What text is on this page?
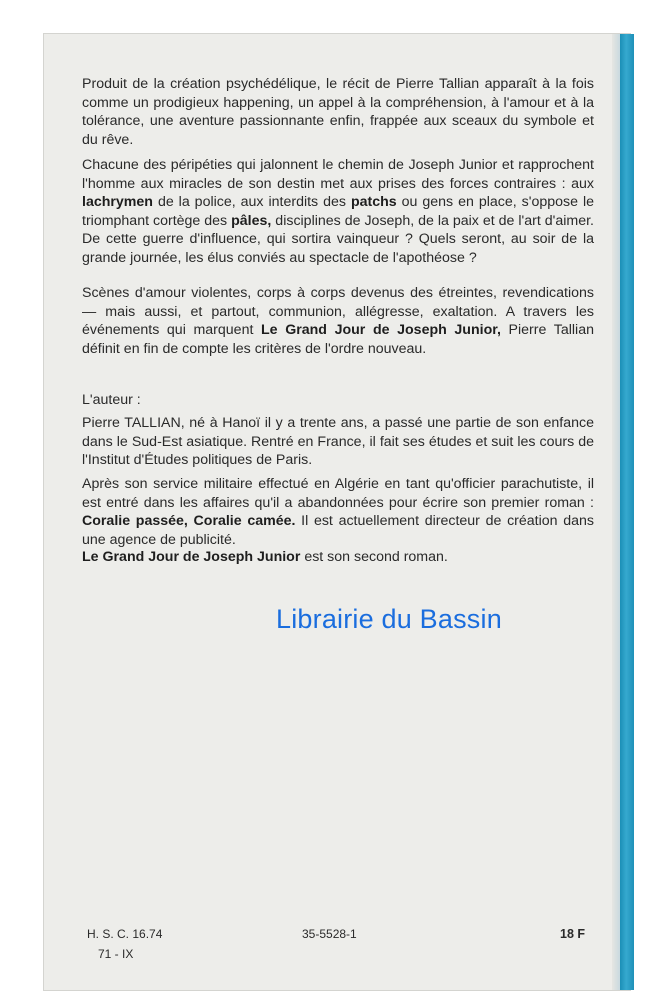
Produit de la création psychédélique, le récit de Pierre Tallian apparaît à la fois comme un prodigieux happening, un appel à la compréhension, à l'amour et à la tolérance, une aventure passionnante enfin, frappée aux sceaux du symbole et du rêve.

Chacune des péripéties qui jalonnent le chemin de Joseph Junior et rapprochent l'homme aux miracles de son destin met aux prises des forces contraires : aux lachrymen de la police, aux interdits des patchs ou gens en place, s'oppose le triomphant cortège des pâles, disciplines de Joseph, de la paix et de l'art d'aimer. De cette guerre d'influence, qui sortira vainqueur ? Quels seront, au soir de la grande journée, les élus conviés au spectacle de l'apothéose ?

Scènes d'amour violentes, corps à corps devenus des étreintes, revendications — mais aussi, et partout, communion, allégresse, exaltation. A travers les événements qui marquent Le Grand Jour de Joseph Junior, Pierre Tallian définit en fin de compte les critères de l'ordre nouveau.

L'auteur :

Pierre TALLIAN, né à Hanoï il y a trente ans, a passé une partie de son enfance dans le Sud-Est asiatique. Rentré en France, il fait ses études et suit les cours de l'Institut d'Études politiques de Paris.

Après son service militaire effectué en Algérie en tant qu'officier parachutiste, il est entré dans les affaires qu'il a abandonnées pour écrire son premier roman : Coralie passée, Coralie camée. Il est actuellement directeur de création dans une agence de publicité.

Le Grand Jour de Joseph Junior est son second roman.

Librairie du Bassin
H. S. C. 16.74
71 - IX
35-5528-1	18 F
